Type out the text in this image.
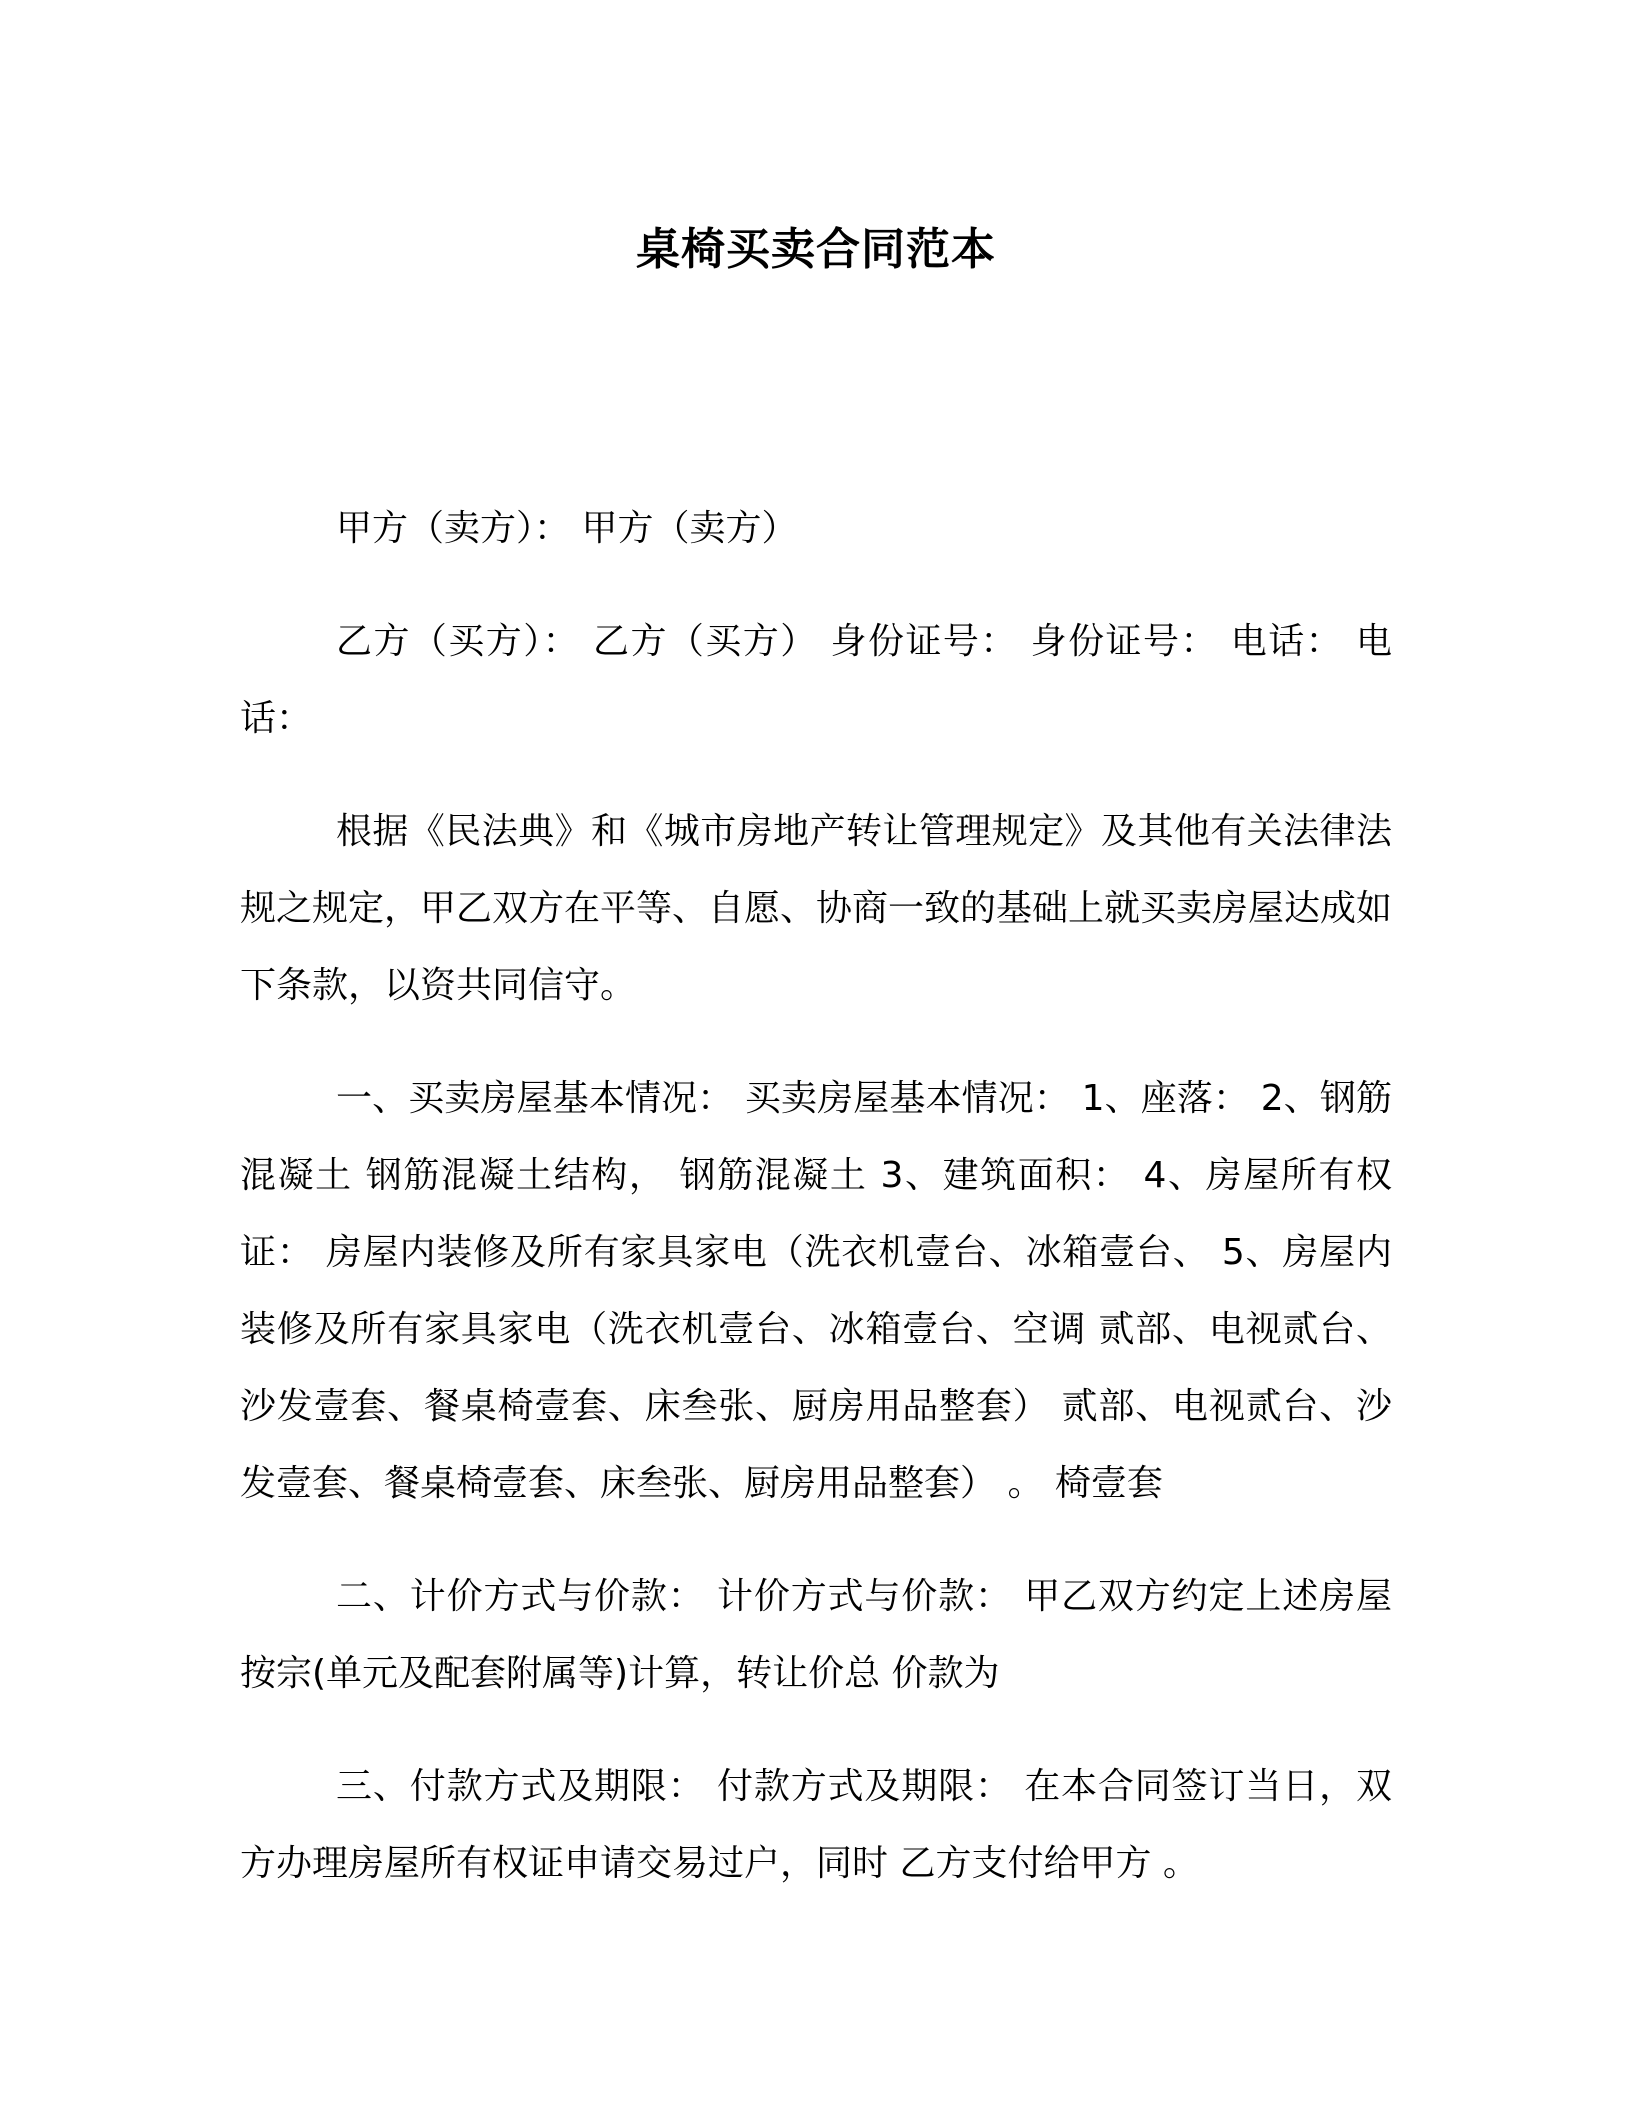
桌椅买卖合同范本

甲方（卖方）： 甲方（卖方）

乙方（买方）： 乙方（买方） 身份证号： 身份证号： 电话： 电话：

根据《民法典》和《城市房地产转让管理规定》及其他有关法律法规之规定，甲乙双方在平等、自愿、协商一致的基础上就买卖房屋达成如下条款，以资共同信守。

一、买卖房屋基本情况： 买卖房屋基本情况： 1、座落： 2、钢筋混凝土 钢筋混凝土结构， 钢筋混凝土 3、建筑面积： 4、房屋所有权证： 房屋内装修及所有家具家电（洗衣机壹台、冰箱壹台、 5、房屋内装修及所有家具家电（洗衣机壹台、冰箱壹台、空调 贰部、电视贰台、沙发壹套、餐桌椅壹套、床叁张、厨房用品整套） 贰部、电视贰台、沙发壹套、餐桌椅壹套、床叁张、厨房用品整套） 。 椅壹套

二、计价方式与价款： 计价方式与价款： 甲乙双方约定上述房屋按宗(单元及配套附属等)计算，转让价总 价款为

三、付款方式及期限： 付款方式及期限： 在本合同签订当日，双方办理房屋所有权证申请交易过户，同时 乙方支付给甲方 。
